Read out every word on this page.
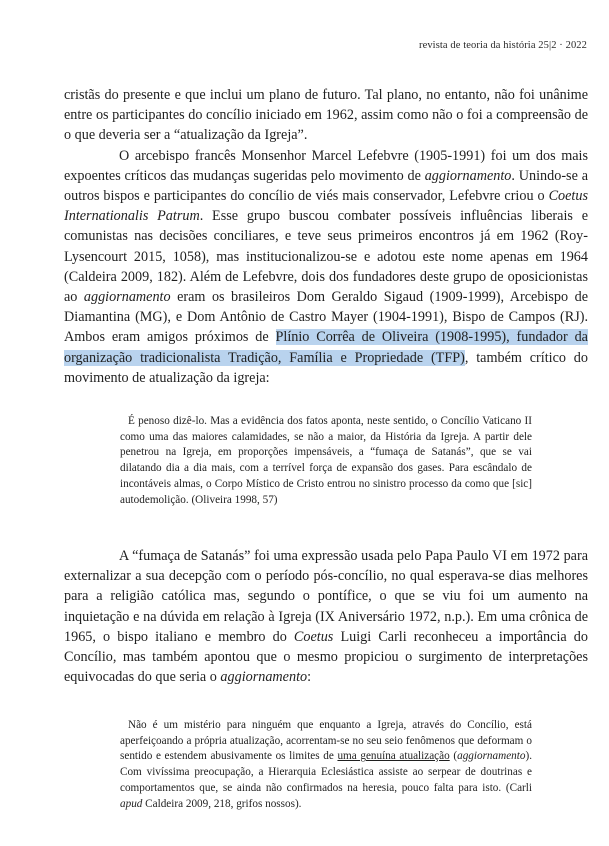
revista de teoria da história 25|2 · 2022

cristãs do presente e que inclui um plano de futuro. Tal plano, no entanto, não foi unânime entre os participantes do concílio iniciado em 1962, assim como não o foi a compreensão de o que deveria ser a “atualização da Igreja”.

O arcebispo francês Monsenhor Marcel Lefebvre (1905-1991) foi um dos mais expoentes críticos das mudanças sugeridas pelo movimento de aggiornamento. Unindo-se a outros bispos e participantes do concílio de viés mais conservador, Lefebvre criou o Coetus Internationalis Patrum. Esse grupo buscou combater possíveis influências liberais e comunistas nas decisões conciliares, e teve seus primeiros encontros já em 1962 (Roy-Lysencourt 2015, 1058), mas institucionalizou-se e adotou este nome apenas em 1964 (Caldeira 2009, 182). Além de Lefebvre, dois dos fundadores deste grupo de oposicionistas ao aggiornamento eram os brasileiros Dom Geraldo Sigaud (1909-1999), Arcebispo de Diamantina (MG), e Dom Antônio de Castro Mayer (1904-1991), Bispo de Campos (RJ). Ambos eram amigos próximos de Plínio Corrêa de Oliveira (1908-1995), fundador da organização tradicionalista Tradição, Família e Propriedade (TFP), também crítico do movimento de atualização da igreja:

É penoso dizê-lo. Mas a evidência dos fatos aponta, neste sentido, o Concílio Vaticano II como uma das maiores calamidades, se não a maior, da História da Igreja. A partir dele penetrou na Igreja, em proporções impensáveis, a “fumaça de Satanás”, que se vai dilatando dia a dia mais, com a terrível força de expansão dos gases. Para escândalo de incontáveis almas, o Corpo Místico de Cristo entrou no sinistro processo da como que [sic] autodemolição. (Oliveira 1998, 57)

A “fumaça de Satanás” foi uma expressão usada pelo Papa Paulo VI em 1972 para externalizar a sua decepção com o período pós-concílio, no qual esperava-se dias melhores para a religião católica mas, segundo o pontífice, o que se viu foi um aumento na inquietação e na dúvida em relação à Igreja (IX Aniversário 1972, n.p.). Em uma crônica de 1965, o bispo italiano e membro do Coetus Luigi Carli reconheceu a importância do Concílio, mas também apontou que o mesmo propiciou o surgimento de interpretações equivocadas do que seria o aggiornamento:

Não é um mistério para ninguém que enquanto a Igreja, através do Concílio, está aperfeiçoando a própria atualização, acorrentam-se no seu seio fenômenos que deformam o sentido e estendem abusivamente os limites de uma genuína atualização (aggiornamento). Com vivíssima preocupação, a Hierarquia Eclesiástica assiste ao serpear de doutrinas e comportamentos que, se ainda não confirmados na heresia, pouco falta para isto. (Carli apud Caldeira 2009, 218, grifos nossos).
